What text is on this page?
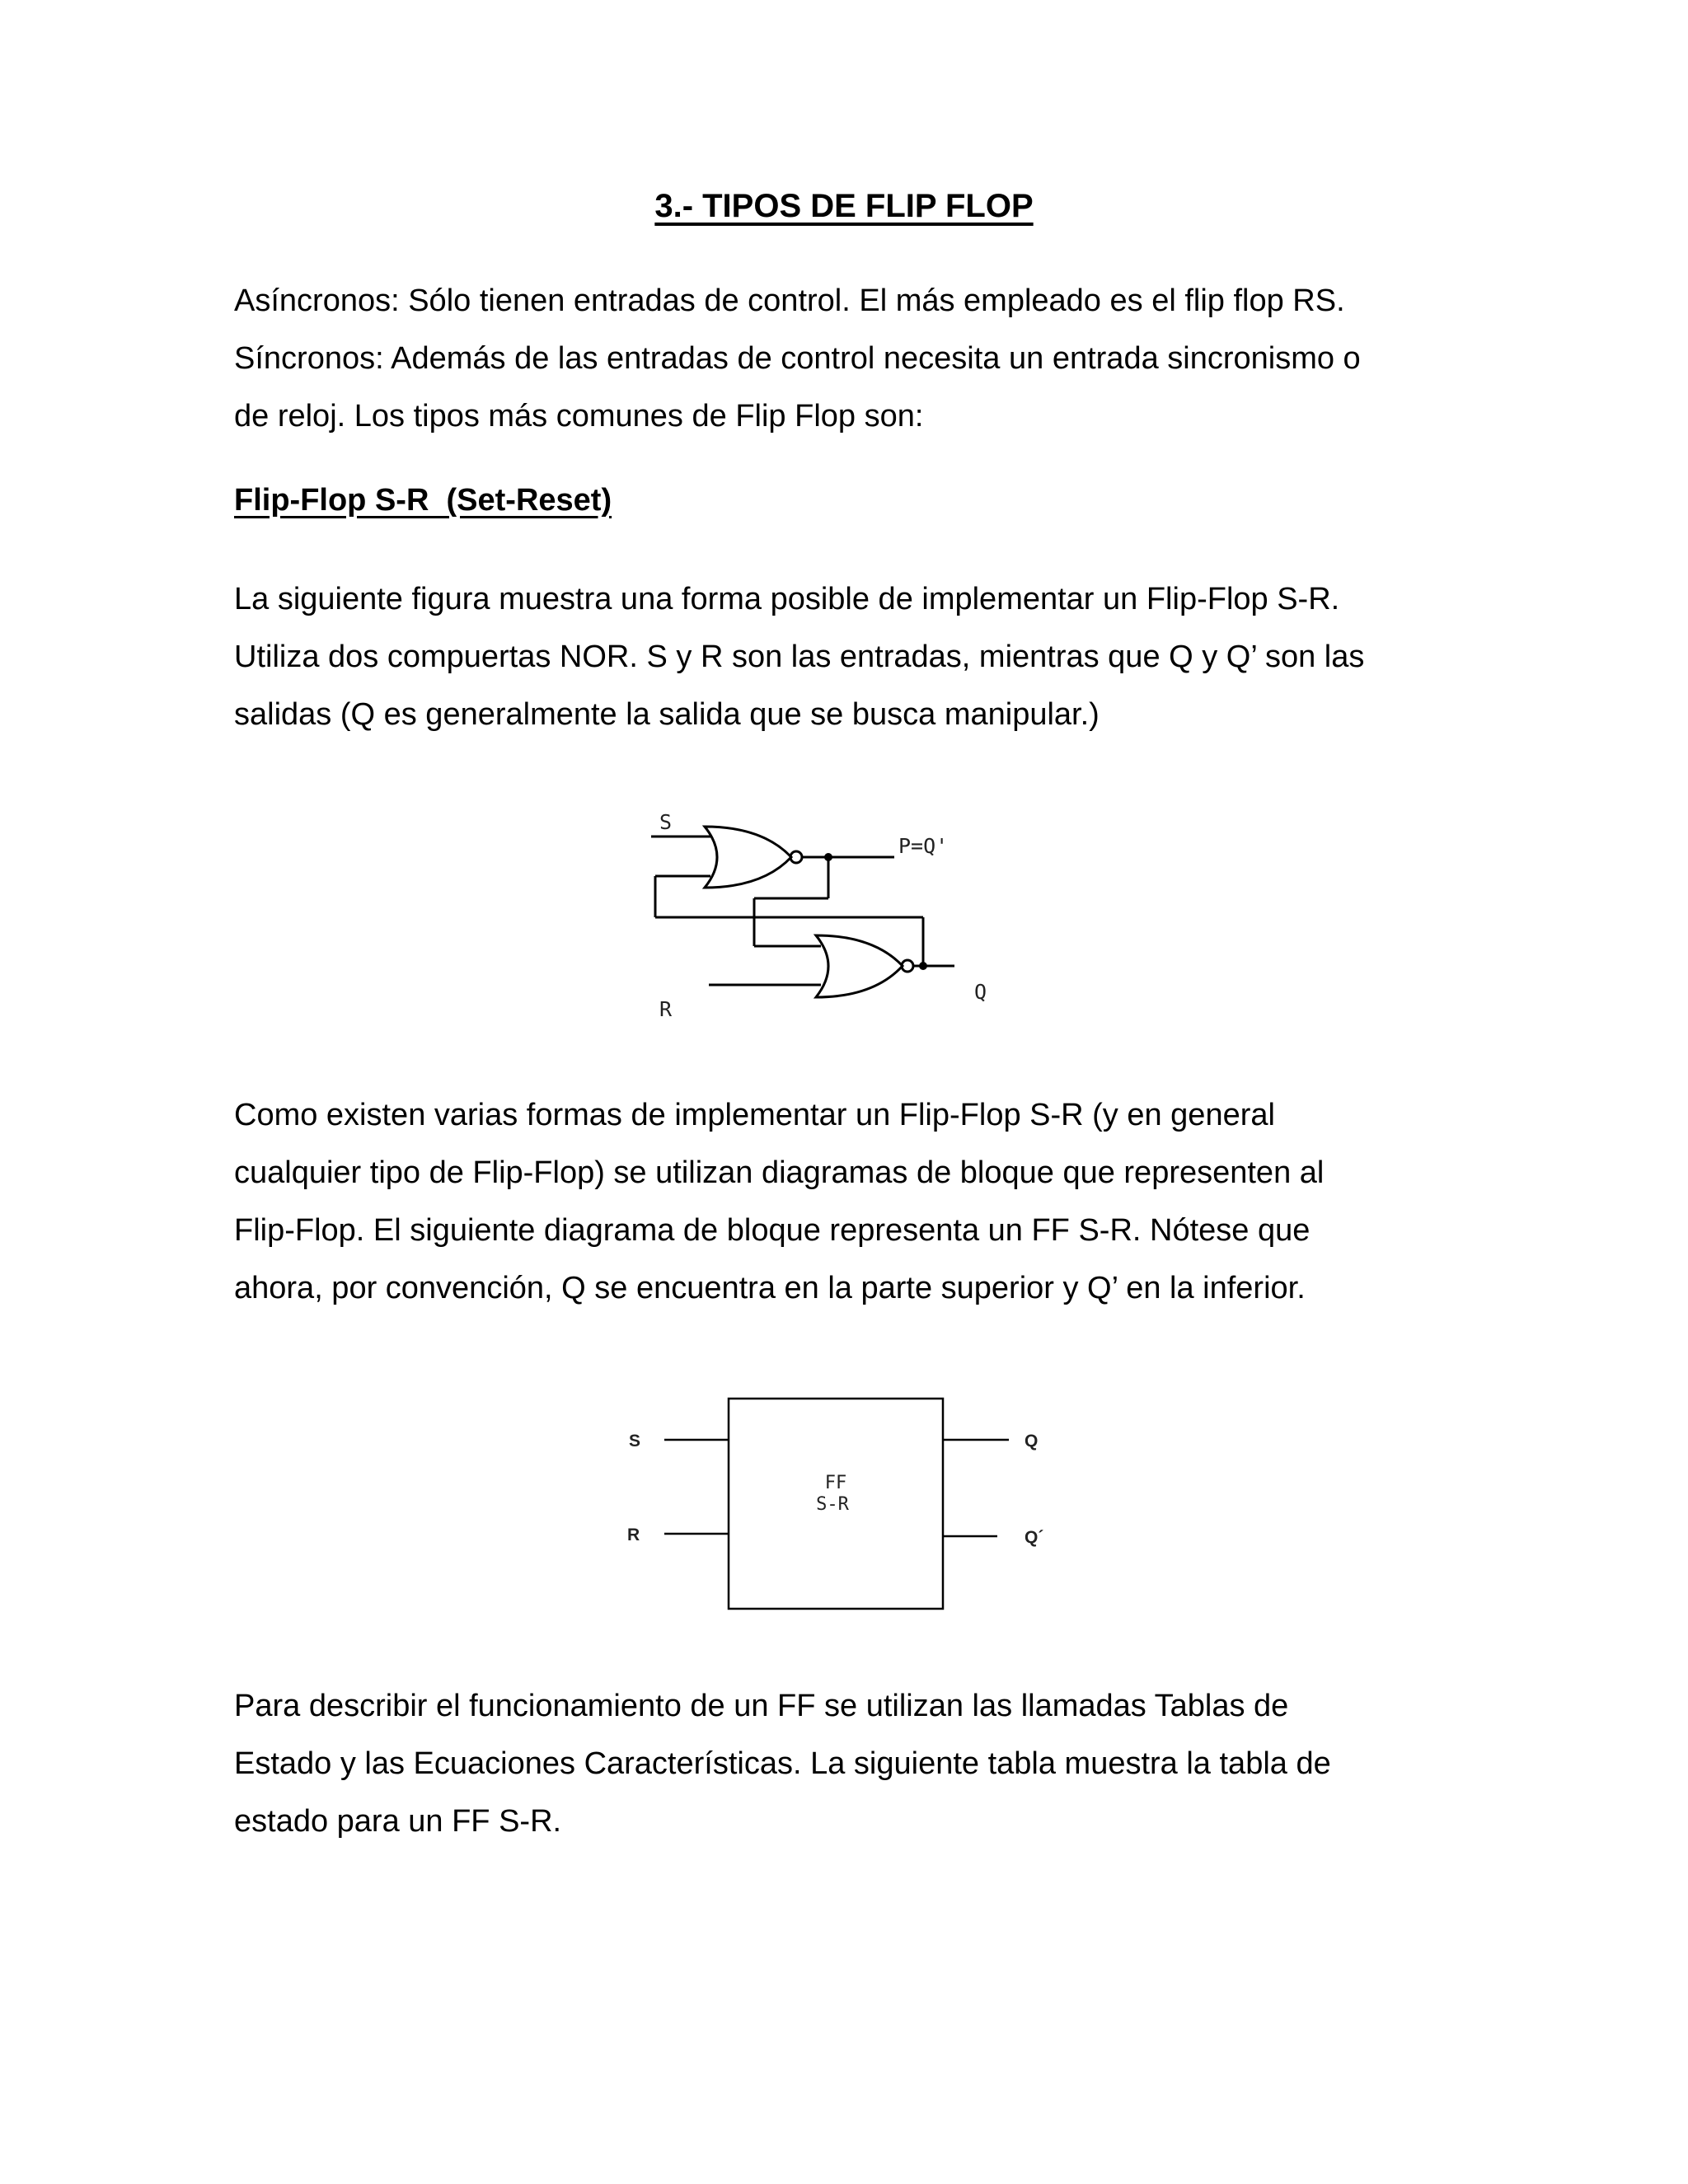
3.- TIPOS DE FLIP FLOP

Asíncronos: Sólo tienen entradas de control. El más empleado es el flip flop RS.
Síncronos: Además de las entradas de control necesita un entrada sincronismo o
de reloj. Los tipos más comunes de Flip Flop son:

Flip-Flop S-R  (Set-Reset)

La siguiente figura muestra una forma posible de implementar un Flip-Flop S-R.
Utiliza dos compuertas NOR. S y R son las entradas, mientras que Q y Q’ son las
salidas (Q es generalmente la salida que se busca manipular.)

S
P=Q'
Q
R

Como existen varias formas de implementar un Flip-Flop S-R (y en general
cualquier tipo de Flip-Flop) se utilizan diagramas de bloque que representen al
Flip-Flop. El siguiente diagrama de bloque representa un FF S-R. Nótese que
ahora, por convención, Q se encuentra en la parte superior y Q’ en la inferior.

S
R
Q
Q´
FF
S-R

Para describir el funcionamiento de un FF se utilizan las llamadas Tablas de
Estado y las Ecuaciones Características. La siguiente tabla muestra la tabla de
estado para un FF S-R.
